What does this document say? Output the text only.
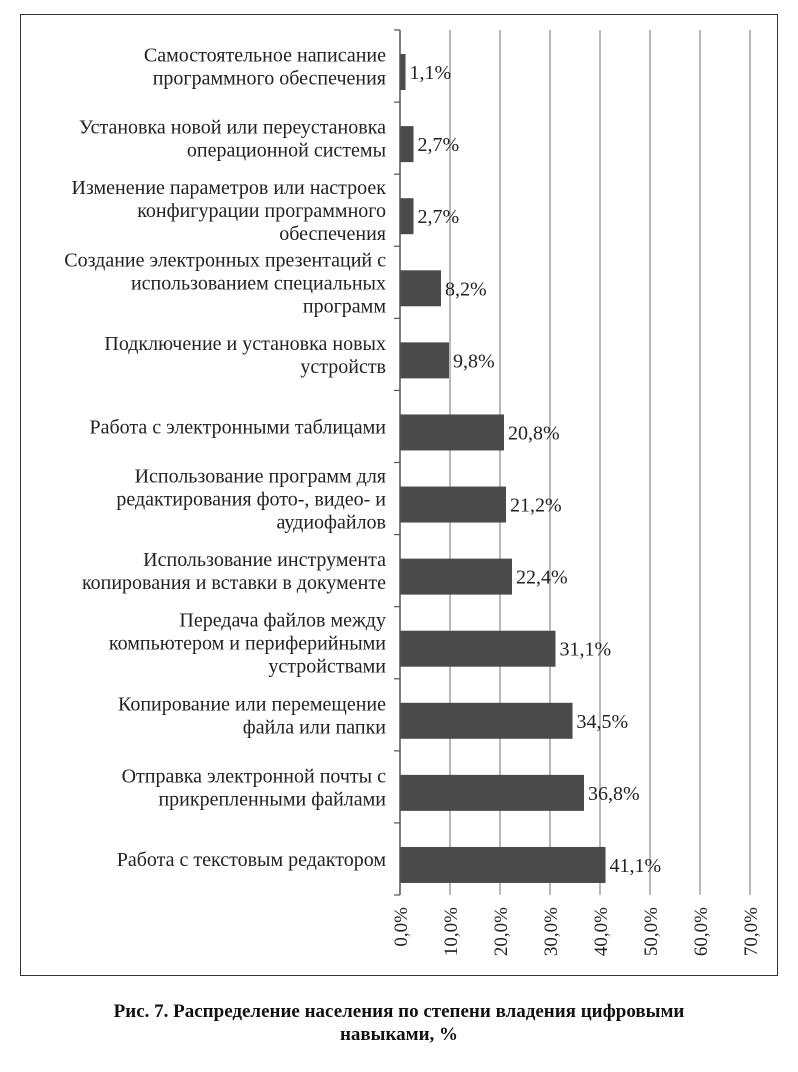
1,1%
Самостоятельное написание
программного обеспечения
2,7%
Установка новой или переустановка
операционной системы
2,7%
Изменение параметров или настроек
конфигурации программного
обеспечения
8,2%
Создание электронных презентаций с
использованием специальных
программ
9,8%
Подключение и установка новых
устройств
20,8%
Работа с электронными таблицами
21,2%
Использование программ для
редактирования фото-, видео- и
аудиофайлов
22,4%
Использование инструмента
копирования и вставки в документе
31,1%
Передача файлов между
компьютером и периферийными
устройствами
34,5%
Копирование или перемещение
файла или папки
36,8%
Отправка электронной почты с
прикрепленными файлами
41,1%
Работа с текстовым редактором
0,0% 10,0% 20,0% 30,0% 40,0% 50,0% 60,0% 70,0%
Рис. 7. Распределение населения по степени владения цифровыми
навыками, %
